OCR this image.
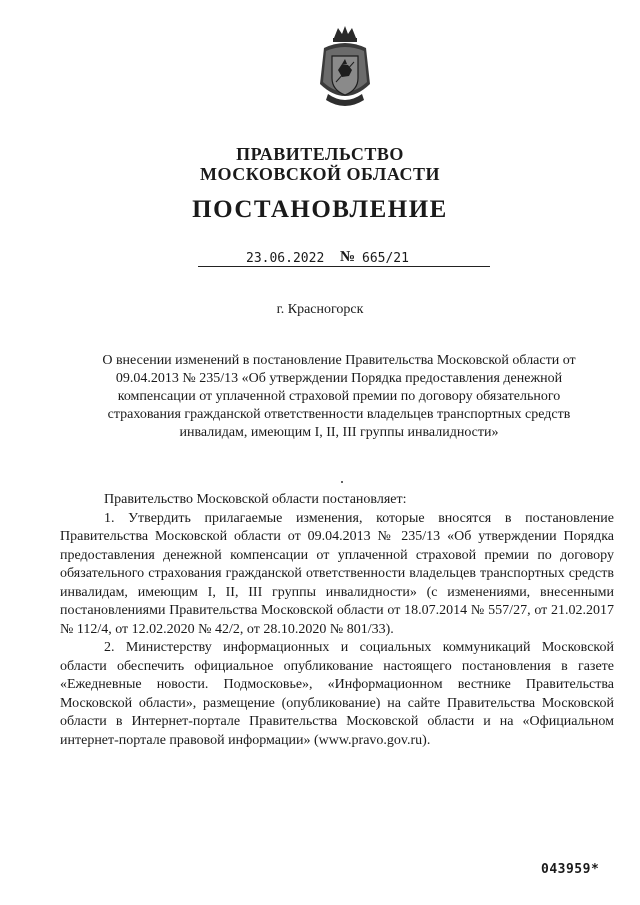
ПРАВИТЕЛЬСТВО
МОСКОВСКОЙ ОБЛАСТИ
ПОСТАНОВЛЕНИЕ
23.06.2022 № 665/21
г. Красногорск
О внесении изменений в постановление Правительства Московской области от 09.04.2013 № 235/13 «Об утверждении Порядка предоставления денежной компенсации от уплаченной страховой премии по договору обязательного страхования гражданской ответственности владельцев транспортных средств инвалидам, имеющим I, II, III группы инвалидности»

Правительство Московской области постановляет:

1. Утвердить прилагаемые изменения, которые вносятся в постановление Правительства Московской области от 09.04.2013 № 235/13 «Об утверждении Порядка предоставления денежной компенсации от уплаченной страховой премии по договору обязательного страхования гражданской ответственности владельцев транспортных средств инвалидам, имеющим I, II, III группы инвалидности» (с изменениями, внесенными постановлениями Правительства Московской области от 18.07.2014 № 557/27, от 21.02.2017 № 112/4, от 12.02.2020 № 42/2, от 28.10.2020 № 801/33).

2. Министерству информационных и социальных коммуникаций Московской области обеспечить официальное опубликование настоящего постановления в газете «Ежедневные новости. Подмосковье», «Информационном вестнике Правительства Московской области», размещение (опубликование) на сайте Правительства Московской области в Интернет-портале Правительства Московской области и на «Официальном интернет-портале правовой информации» (www.pravo.gov.ru).

043959*
